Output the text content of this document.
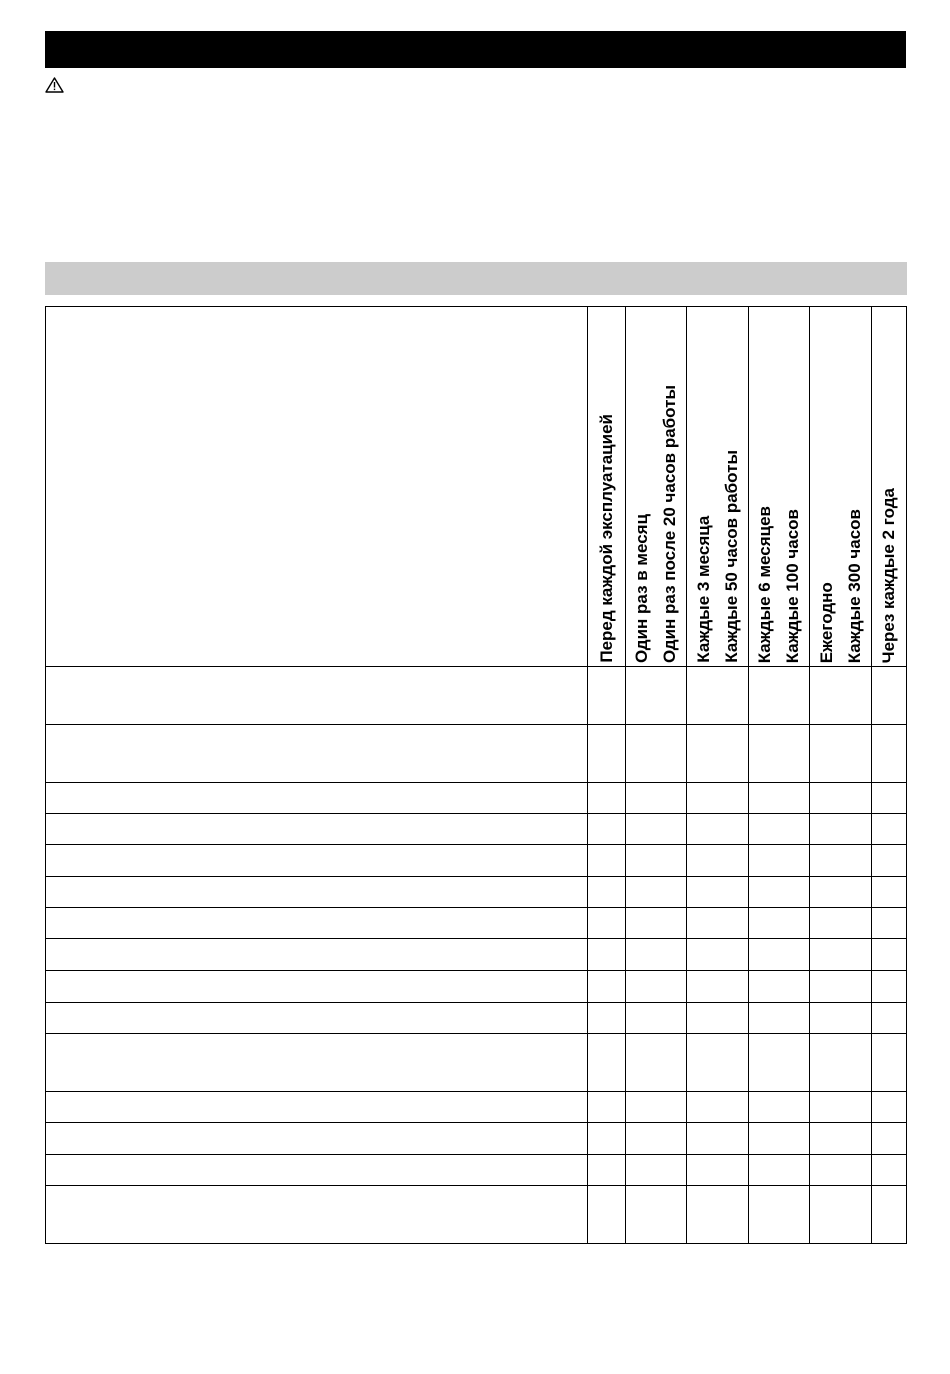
	Перед каждой эксплуатацией	Один раз в месяц Один раз после 20 часов работы	Каждые 3 месяца Каждые 50 часов работы	Каждые 6 месяцев Каждые 100 часов	Ежегодно Каждые 300 часов	Через каждые 2 года
